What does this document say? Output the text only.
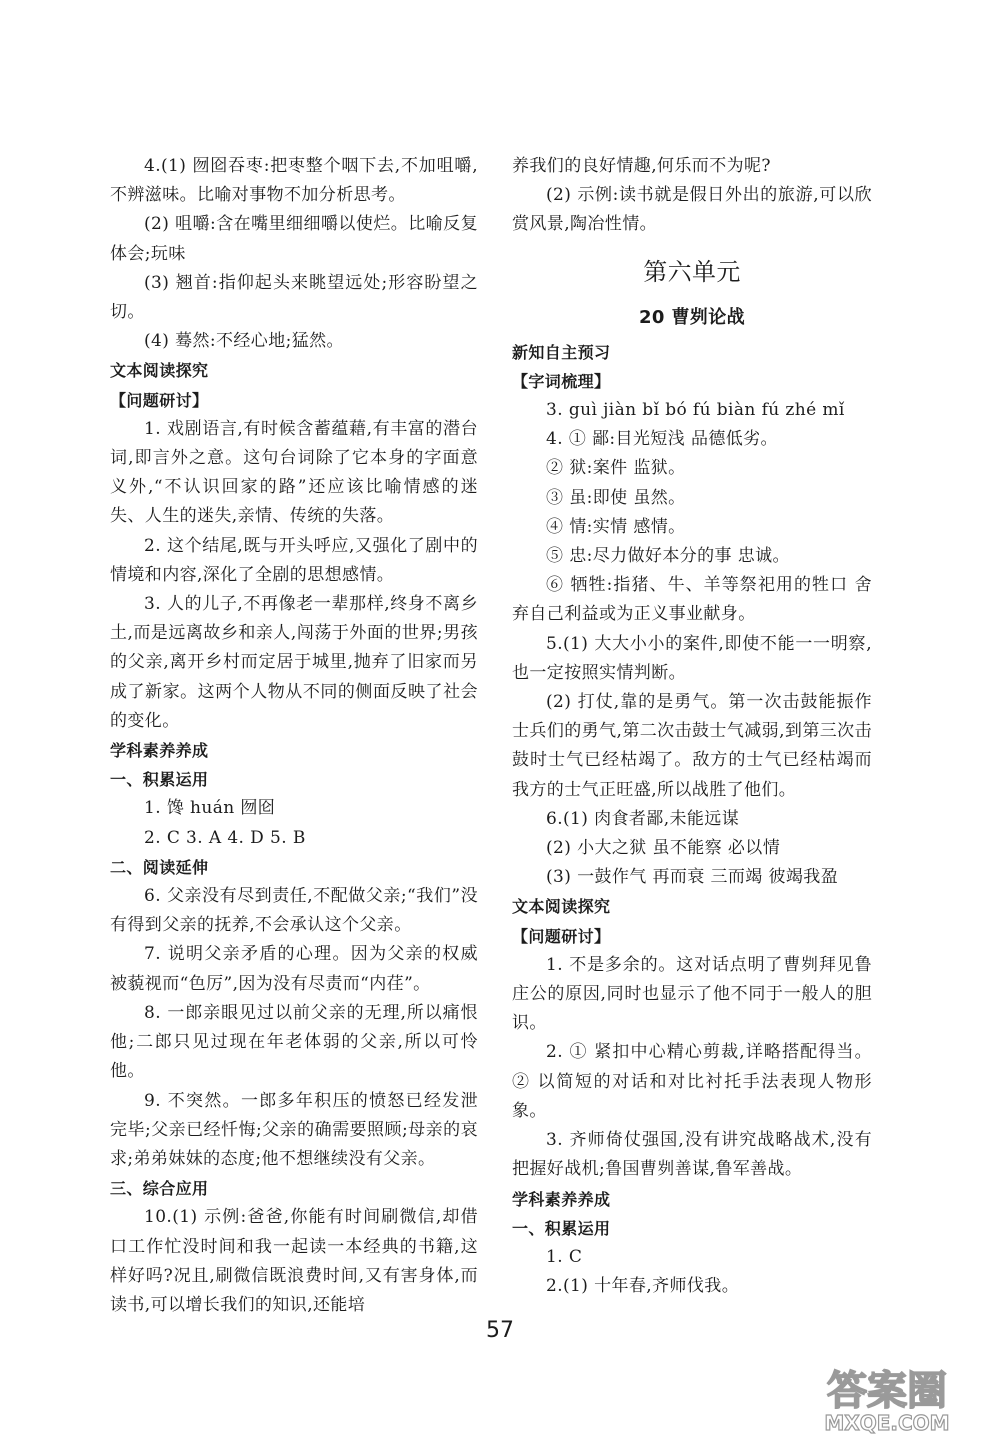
4.(1) 囫囵吞枣:把枣整个咽下去,不加咀嚼,不辨滋味。比喻对事物不加分析思考。

(2) 咀嚼:含在嘴里细细嚼以使烂。比喻反复体会;玩味

(3) 翘首:指仰起头来眺望远处;形容盼望之切。

(4) 蓦然:不经心地;猛然。

文本阅读探究

【问题研讨】

1. 戏剧语言,有时候含蓄蕴藉,有丰富的潜台词,即言外之意。这句台词除了它本身的字面意义外,“不认识回家的路”还应该比喻情感的迷失、人生的迷失,亲情、传统的失落。

2. 这个结尾,既与开头呼应,又强化了剧中的情境和内容,深化了全剧的思想感情。

3. 人的儿子,不再像老一辈那样,终身不离乡土,而是远离故乡和亲人,闯荡于外面的世界;男孩的父亲,离开乡村而定居于城里,抛弃了旧家而另成了新家。这两个人物从不同的侧面反映了社会的变化。

学科素养养成

一、积累运用

1. 馋 huán 囫囵

2. C 3. A 4. D 5. B

二、阅读延伸

6. 父亲没有尽到责任,不配做父亲;“我们”没有得到父亲的抚养,不会承认这个父亲。

7. 说明父亲矛盾的心理。因为父亲的权威被藐视而“色厉”,因为没有尽责而“内荏”。

8. 一郎亲眼见过以前父亲的无理,所以痛恨他;二郎只见过现在年老体弱的父亲,所以可怜他。

9. 不突然。一郎多年积压的愤怒已经发泄完毕;父亲已经忏悔;父亲的确需要照顾;母亲的哀求;弟弟妹妹的态度;他不想继续没有父亲。

三、综合应用

10.(1) 示例:爸爸,你能有时间刷微信,却借口工作忙没时间和我一起读一本经典的书籍,这样好吗?况且,刷微信既浪费时间,又有害身体,而读书,可以增长我们的知识,还能培

养我们的良好情趣,何乐而不为呢?

(2) 示例:读书就是假日外出的旅游,可以欣赏风景,陶冶性情。

第六单元

20 曹刿论战

新知自主预习

【字词梳理】

3. guì jiàn bǐ bó fú biàn fú zhé mǐ

4. ① 鄙:目光短浅 品德低劣。

② 狱:案件 监狱。

③ 虽:即使 虽然。

④ 情:实情 感情。

⑤ 忠:尽力做好本分的事 忠诚。

⑥ 牺牲:指猪、牛、羊等祭祀用的牲口 舍弃自己利益或为正义事业献身。

5.(1) 大大小小的案件,即使不能一一明察,也一定按照实情判断。

(2) 打仗,靠的是勇气。第一次击鼓能振作士兵们的勇气,第二次击鼓士气减弱,到第三次击鼓时士气已经枯竭了。敌方的士气已经枯竭而我方的士气正旺盛,所以战胜了他们。

6.(1) 肉食者鄙,未能远谋

(2) 小大之狱 虽不能察 必以情

(3) 一鼓作气 再而衰 三而竭 彼竭我盈

文本阅读探究

【问题研讨】

1. 不是多余的。这对话点明了曹刿拜见鲁庄公的原因,同时也显示了他不同于一般人的胆识。

2. ① 紧扣中心精心剪裁,详略搭配得当。② 以简短的对话和对比衬托手法表现人物形象。

3. 齐师倚仗强国,没有讲究战略战术,没有把握好战机;鲁国曹刿善谋,鲁军善战。

学科素养养成

一、积累运用

1. C

2.(1) 十年春,齐师伐我。

57
答案圈
MXQE.COM
